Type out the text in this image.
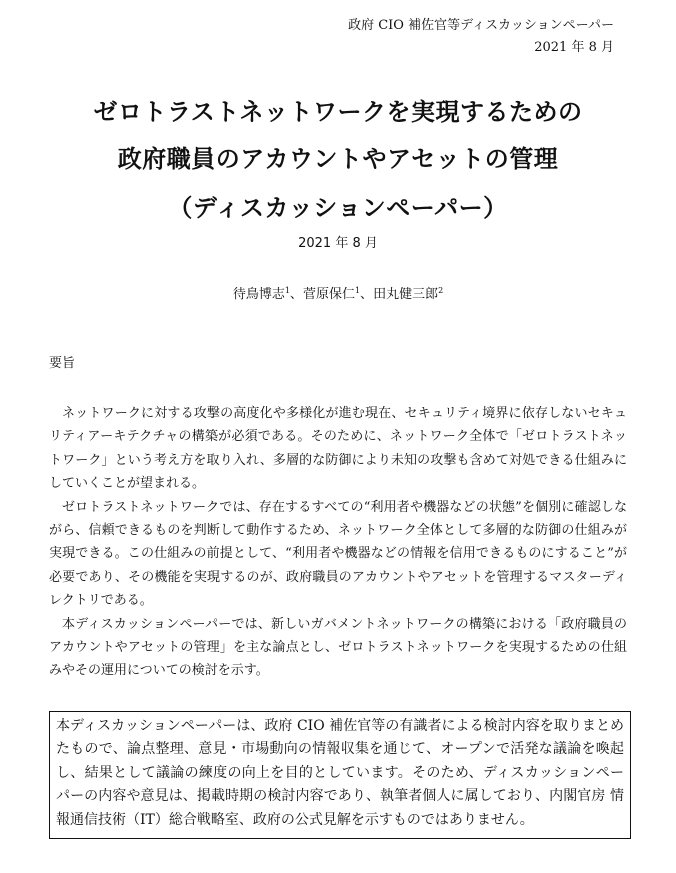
政府 CIO 補佐官等ディスカッションペーパー
2021 年 8 月
ゼロトラストネットワークを実現するための
政府職員のアカウントやアセットの管理
（ディスカッションペーパー）
2021 年 8 月
待鳥博志$^1$、菅原保仁$^1$、田丸健三郎$^2$
要旨

ネットワークに対する攻撃の高度化や多様化が進む現在、セキュリティ境界に依存しないセキュリティアーキテクチャの構築が必須である。そのために、ネットワーク全体で「ゼロトラストネットワーク」という考え方を取り入れ、多層的な防御により未知の攻撃も含めて対処できる仕組みにしていくことが望まれる。

ゼロトラストネットワークでは、存在するすべての“利用者や機器などの状態”を個別に確認しながら、信頼できるものを判断して動作するため、ネットワーク全体として多層的な防御の仕組みが実現できる。この仕組みの前提として、“利用者や機器などの情報を信用できるものにすること”が必要であり、その機能を実現するのが、政府職員のアカウントやアセットを管理するマスターディレクトリである。

本ディスカッションペーパーでは、新しいガバメントネットワークの構築における「政府職員のアカウントやアセットの管理」を主な論点とし、ゼロトラストネットワークを実現するための仕組みやその運用についての検討を示す。

本ディスカッションペーパーは、政府 CIO 補佐官等の有識者による検討内容を取りまとめたもので、論点整理、意見・市場動向の情報収集を通じて、オープンで活発な議論を喚起し、結果として議論の練度の向上を目的としています。そのため、ディスカッションペーパーの内容や意見は、掲載時期の検討内容であり、執筆者個人に属しており、内閣官房 情報通信技術（IT）総合戦略室、政府の公式見解を示すものではありません。
